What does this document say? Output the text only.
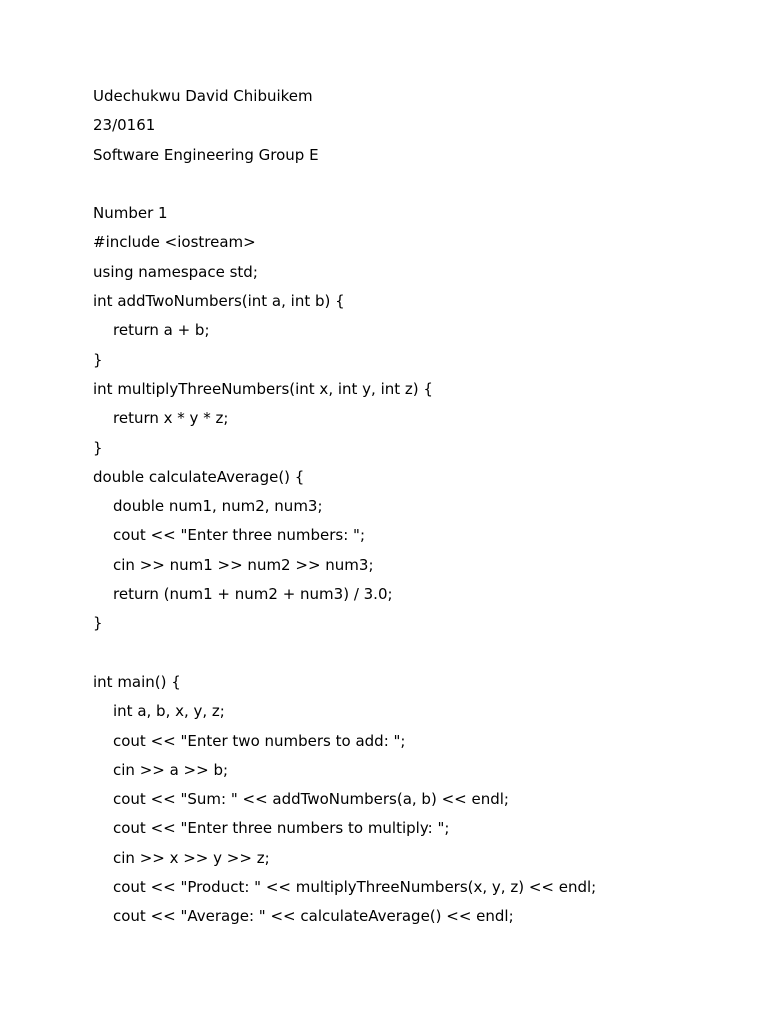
Udechukwu David Chibuikem
23/0161
Software Engineering Group E
Number 1
#include <iostream>
using namespace std;
int addTwoNumbers(int a, int b) {
return a + b;
}
int multiplyThreeNumbers(int x, int y, int z) {
return x * y * z;
}
double calculateAverage() {
double num1, num2, num3;
cout << "Enter three numbers: ";
cin >> num1 >> num2 >> num3;
return (num1 + num2 + num3) / 3.0;
}
int main() {
int a, b, x, y, z;
cout << "Enter two numbers to add: ";
cin >> a >> b;
cout << "Sum: " << addTwoNumbers(a, b) << endl;
cout << "Enter three numbers to multiply: ";
cin >> x >> y >> z;
cout << "Product: " << multiplyThreeNumbers(x, y, z) << endl;
cout << "Average: " << calculateAverage() << endl;
